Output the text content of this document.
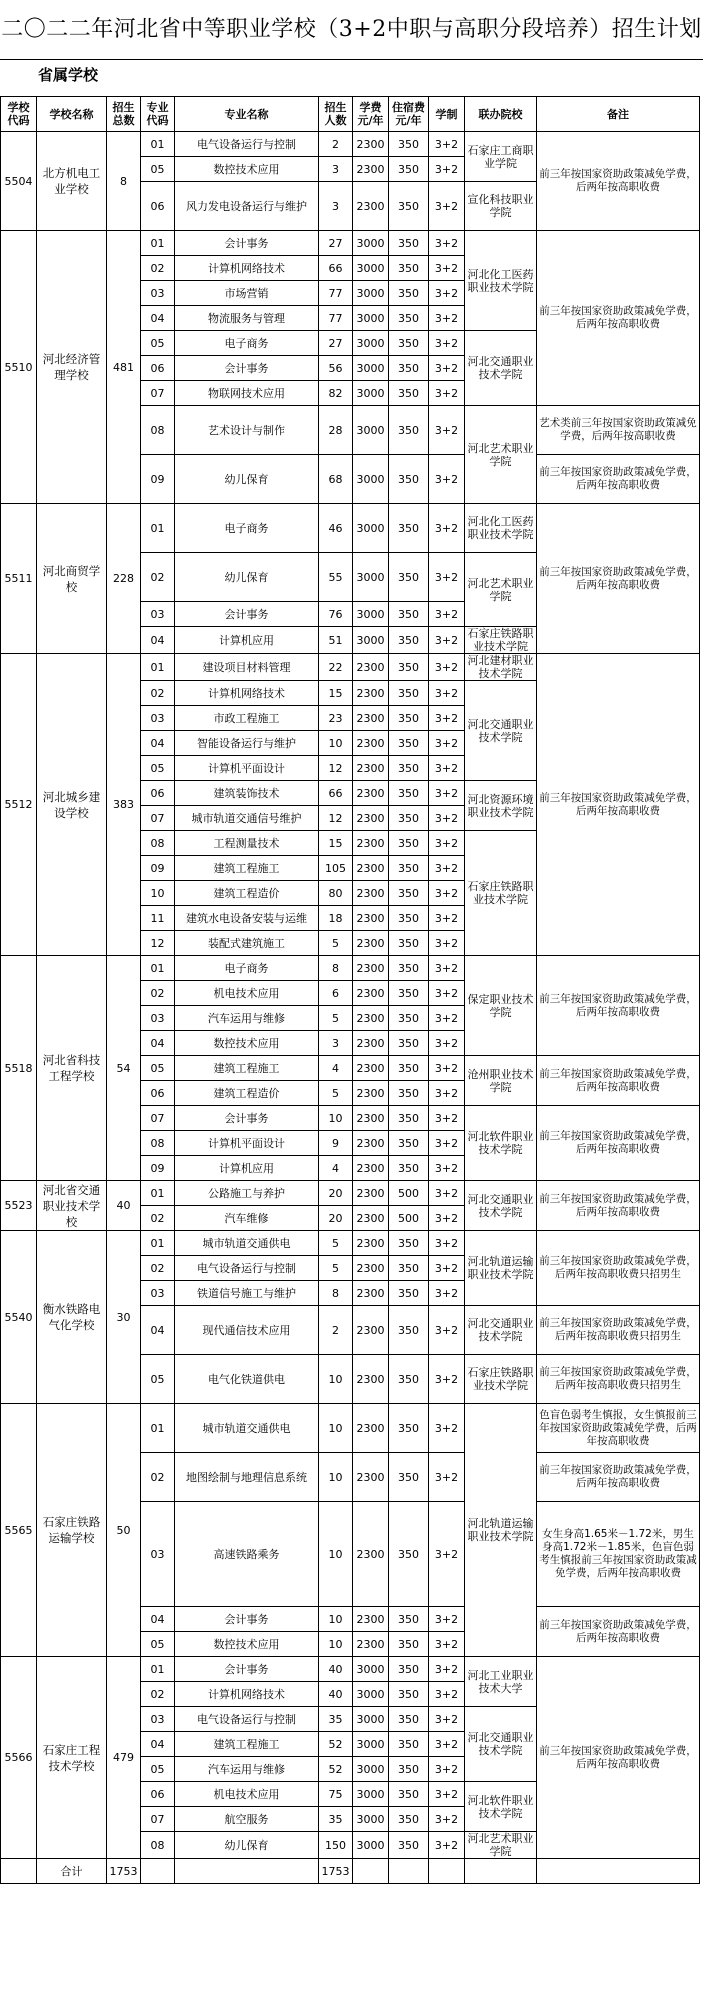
二〇二二年河北省中等职业学校（3+2中职与高职分段培养）招生计划
省属学校
学校代码	学校名称	招生总数	专业代码	专业名称	招生人数	学费元/年	住宿费元/年	学制	联办院校	备注
5504	北方机电工业学校	8	01	电气设备运行与控制	2	2300	350	3+2	石家庄工商职业学院	前三年按国家资助政策减免学费，后两年按高职收费
			05	数控技术应用	3	2300	350	3+2		
			06	风力发电设备运行与维护	3	2300	350	3+2	宣化科技职业学院	
5510	河北经济管理学校	481	01	会计事务	27	3000	350	3+2	河北化工医药职业技术学院	前三年按国家资助政策减免学费，后两年按高职收费
			02	计算机网络技术	66	3000	350	3+2		
			03	市场营销	77	3000	350	3+2		
			04	物流服务与管理	77	3000	350	3+2		
			05	电子商务	27	3000	350	3+2	河北交通职业技术学院	
			06	会计事务	56	3000	350	3+2		
			07	物联网技术应用	82	3000	350	3+2		
			08	艺术设计与制作	28	3000	350	3+2	河北艺术职业学院	艺术类前三年按国家资助政策减免学费，后两年按高职收费
			09	幼儿保育	68	3000	350	3+2		前三年按国家资助政策减免学费，后两年按高职收费
5511	河北商贸学校	228	01	电子商务	46	3000	350	3+2	河北化工医药职业技术学院	前三年按国家资助政策减免学费，后两年按高职收费
			02	幼儿保育	55	3000	350	3+2	河北艺术职业学院	
			03	会计事务	76	3000	350	3+2		
			04	计算机应用	51	3000	350	3+2	石家庄铁路职业技术学院	
5512	河北城乡建设学校	383	01	建设项目材料管理	22	2300	350	3+2	河北建材职业技术学院	前三年按国家资助政策减免学费，后两年按高职收费
			02	计算机网络技术	15	2300	350	3+2	河北交通职业技术学院	
			03	市政工程施工	23	2300	350	3+2		
			04	智能设备运行与维护	10	2300	350	3+2		
			05	计算机平面设计	12	2300	350	3+2		
			06	建筑装饰技术	66	2300	350	3+2	河北资源环境职业技术学院	
			07	城市轨道交通信号维护	12	2300	350	3+2		
			08	工程测量技术	15	2300	350	3+2	石家庄铁路职业技术学院	
			09	建筑工程施工	105	2300	350	3+2		
			10	建筑工程造价	80	2300	350	3+2		
			11	建筑水电设备安装与运维	18	2300	350	3+2		
			12	装配式建筑施工	5	2300	350	3+2		
5518	河北省科技工程学校	54	01	电子商务	8	2300	350	3+2	保定职业技术学院	前三年按国家资助政策减免学费，后两年按高职收费
			02	机电技术应用	6	2300	350	3+2		
			03	汽车运用与维修	5	2300	350	3+2		
			04	数控技术应用	3	2300	350	3+2		
			05	建筑工程施工	4	2300	350	3+2	沧州职业技术学院	前三年按国家资助政策减免学费，后两年按高职收费
			06	建筑工程造价	5	2300	350	3+2		
			07	会计事务	10	2300	350	3+2	河北软件职业技术学院	前三年按国家资助政策减免学费，后两年按高职收费
			08	计算机平面设计	9	2300	350	3+2		
			09	计算机应用	4	2300	350	3+2		
5523	河北省交通职业技术学校	40	01	公路施工与养护	20	2300	500	3+2	河北交通职业技术学院	前三年按国家资助政策减免学费，后两年按高职收费
			02	汽车维修	20	2300	500	3+2		
5540	衡水铁路电气化学校	30	01	城市轨道交通供电	5	2300	350	3+2	河北轨道运输职业技术学院	前三年按国家资助政策减免学费，后两年按高职收费只招男生
			02	电气设备运行与控制	5	2300	350	3+2		
			03	铁道信号施工与维护	8	2300	350	3+2		
			04	现代通信技术应用	2	2300	350	3+2	河北交通职业技术学院	前三年按国家资助政策减免学费，后两年按高职收费只招男生
			05	电气化铁道供电	10	2300	350	3+2	石家庄铁路职业技术学院	前三年按国家资助政策减免学费，后两年按高职收费只招男生
5565	石家庄铁路运输学校	50	01	城市轨道交通供电	10	2300	350	3+2	河北轨道运输职业技术学院	色盲色弱考生慎报，女生慎报前三年按国家资助政策减免学费，后两年按高职收费
			02	地图绘制与地理信息系统	10	2300	350	3+2		前三年按国家资助政策减免学费，后两年按高职收费
			03	高速铁路乘务	10	2300	350	3+2		女生身高1.65米－1.72米，男生身高1.72米－1.85米，色盲色弱考生慎报前三年按国家资助政策减免学费，后两年按高职收费
			04	会计事务	10	2300	350	3+2		前三年按国家资助政策减免学费，后两年按高职收费
			05	数控技术应用	10	2300	350	3+2		
5566	石家庄工程技术学校	479	01	会计事务	40	3000	350	3+2	河北工业职业技术大学	前三年按国家资助政策减免学费，后两年按高职收费
			02	计算机网络技术	40	3000	350	3+2		
			03	电气设备运行与控制	35	3000	350	3+2	河北交通职业技术学院	
			04	建筑工程施工	52	3000	350	3+2		
			05	汽车运用与维修	52	3000	350	3+2		
			06	机电技术应用	75	3000	350	3+2	河北软件职业技术学院	
			07	航空服务	35	3000	350	3+2		
			08	幼儿保育	150	3000	350	3+2	河北艺术职业学院	
	合计	1753			1753					
